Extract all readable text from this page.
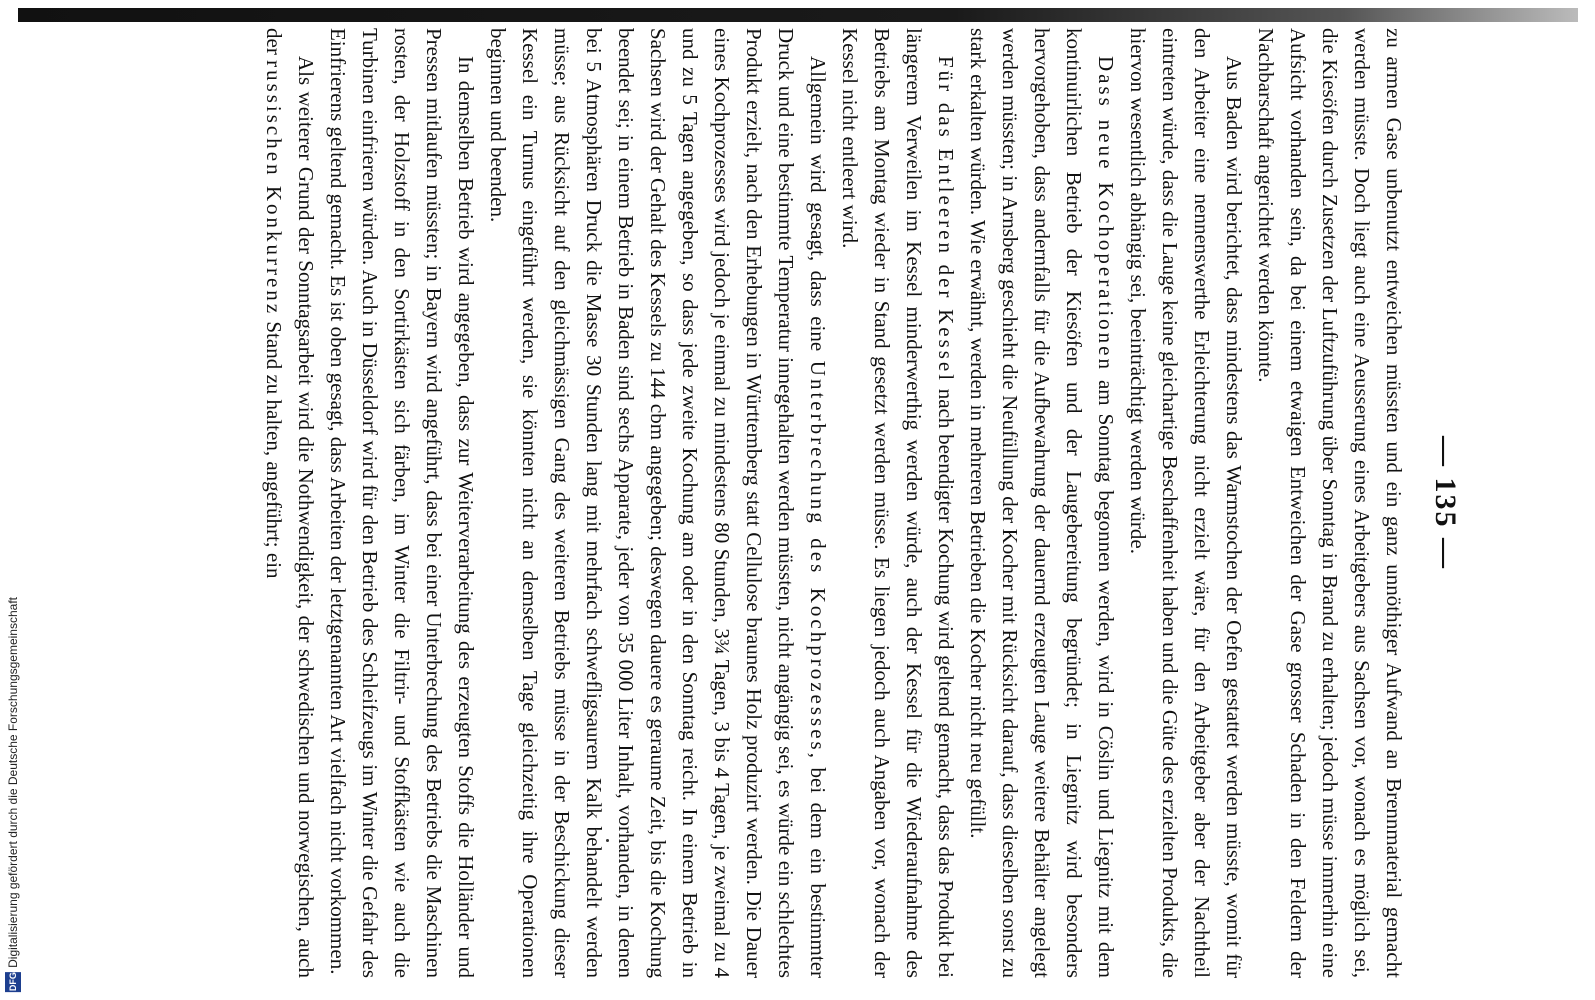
Digitalisierung gefördert durch die Deutsche Forschungsgemeinschaft
DFG
— 135 —

zu armen Gase unbenutzt entweichen müssten und ein ganz unnöthiger Aufwand an Brennmaterial gemacht werden müsste. Doch liegt auch eine Aeusserung eines Arbeitgebers aus Sachsen vor, wonach es möglich sei, die Kiesöfen durch Zusetzen der Luftzuführung über Sonntag in Brand zu erhalten; jedoch müsse immerhin eine Aufsicht vorhanden sein, da bei einem etwaigen Entweichen der Gase grosser Schaden in den Feldern der Nachbarschaft angerichtet werden könnte.

Aus Baden wird berichtet, dass mindestens das Warmstochen der Oefen gestattet werden müsste, womit für den Arbeiter eine nennenswerthe Erleichterung nicht erzielt wäre, für den Arbeitgeber aber der Nachtheil eintreten würde, dass die Lauge keine gleichartige Beschaffenheit haben und die Güte des erzielten Produkts, die hiervon wesentlich abhängig sei, beeinträchtigt werden würde.

Dass neue Kochoperationen am Sonntag begonnen werden, wird in Cöslin und Liegnitz mit dem kontinuirlichen Betrieb der Kiesöfen und der Laugebereitung begründet; in Liegnitz wird besonders hervorgehoben, dass andernfalls für die Aufbewahrung der dauernd erzeugten Lauge weitere Behälter angelegt werden müssten; in Arnsberg geschieht die Neufüllung der Kocher mit Rücksicht darauf, dass dieselben sonst zu stark erkalten würden. Wie erwähnt, werden in mehreren Betrieben die Kocher nicht neu gefüllt.

Für das Entleeren der Kessel nach beendigter Kochung wird geltend gemacht, dass das Produkt bei längerem Verweilen im Kessel minderwerthig werden würde, auch der Kessel für die Wiederaufnahme des Betriebs am Montag wieder in Stand gesetzt werden müsse. Es liegen jedoch auch Angaben vor, wonach der Kessel nicht entleert wird.

Allgemein wird gesagt, dass eine Unterbrechung des Kochprozesses, bei dem ein bestimmter Druck und eine bestimmte Temperatur innegehalten werden müssten, nicht angängig sei, es würde ein schlechtes Produkt erzielt, nach den Erhebungen in Württemberg statt Cellulose braunes Holz produzirt werden. Die Dauer eines Kochprozesses wird jedoch je einmal zu mindestens 80 Stunden, 3¾ Tagen, 3 bis 4 Tagen, je zweimal zu 4 und zu 5 Tagen angegeben, so dass jede zweite Kochung am oder in den Sonntag reicht. In einem Betrieb in Sachsen wird der Gehalt des Kessels zu 144 cbm angegeben; deswegen dauere es geraume Zeit, bis die Kochung beendet sei; in einem Betrieb in Baden sind sechs Apparate, jeder von 35 000 Liter Inhalt, vorhanden, in denen bei 5 Atmosphären Druck die Masse 30 Stunden lang mit mehrfach schwefligsaurem Kalk behandelt werden müsse; aus Rücksicht auf den gleichmässigen Gang des weiteren Betriebs müsse in der Beschickung dieser Kessel ein Turnus eingeführt werden, sie könnten nicht an demselben Tage gleichzeitig ihre Operationen beginnen und beenden.

In demselben Betrieb wird angegeben, dass zur Weiterverarbeitung des erzeugten Stoffs die Holländer und Pressen mitlaufen müssten; in Bayern wird angeführt, dass bei einer Unterbrechung des Betriebs die Maschinen rosten, der Holzstoff in den Sortirkästen sich färben, im Winter die Filtrir- und Stoffkästen wie auch die Turbinen einfrieren würden. Auch in Düsseldorf wird für den Betrieb des Schleifzeugs im Winter die Gefahr des Einfrierens geltend gemacht. Es ist oben gesagt, dass Arbeiten der letztgenannten Art vielfach nicht vorkommen.

Als weiterer Grund der Sonntagsarbeit wird die Nothwendigkeit, der schwedischen und norwegischen, auch der russischen Konkurrenz Stand zu halten, angeführt; ein
